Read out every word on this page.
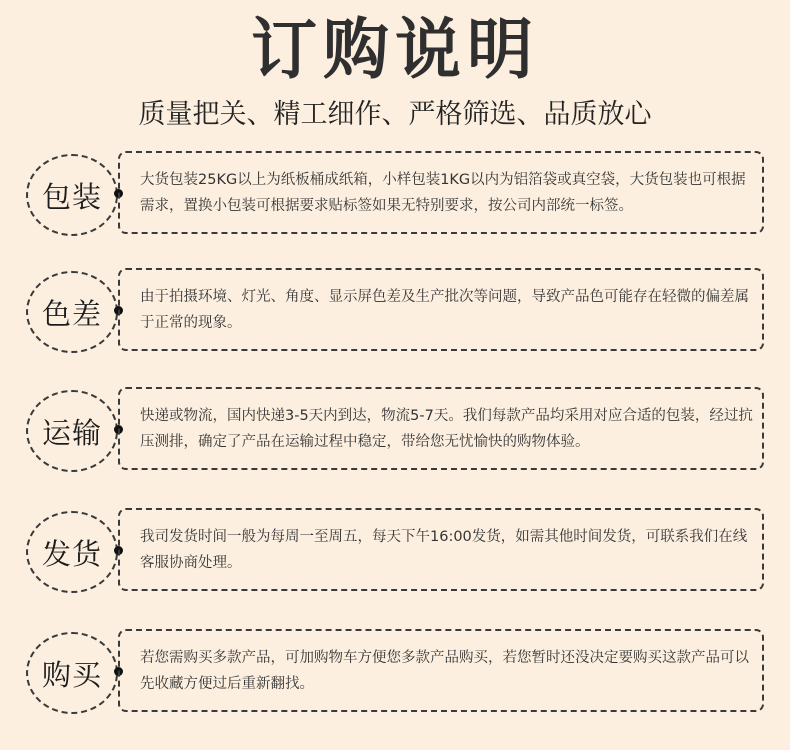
订购说明
质量把关、精工细作、严格筛选、品质放心
包装	大货包装25KG以上为纸板桶成纸箱，小样包装1KG以内为铝箔袋或真空袋，大货包装也可根据需求，置换小包装可根据要求贴标签如果无特别要求，按公司内部统一标签。
色差	由于拍摄环境、灯光、角度、显示屏色差及生产批次等问题，导致产品色可能存在轻微的偏差属于正常的现象。
运输	快递或物流，国内快递3-5天内到达，物流5-7天。我们每款产品均采用对应合适的包装，经过抗压测排，确定了产品在运输过程中稳定，带给您无忧愉快的购物体验。
发货	我司发货时间一般为每周一至周五，每天下午16:00发货，如需其他时间发货，可联系我们在线客服协商处理。
购买	若您需购买多款产品，可加购物车方便您多款产品购买，若您暂时还没决定要购买这款产品可以先收藏方便过后重新翻找。
